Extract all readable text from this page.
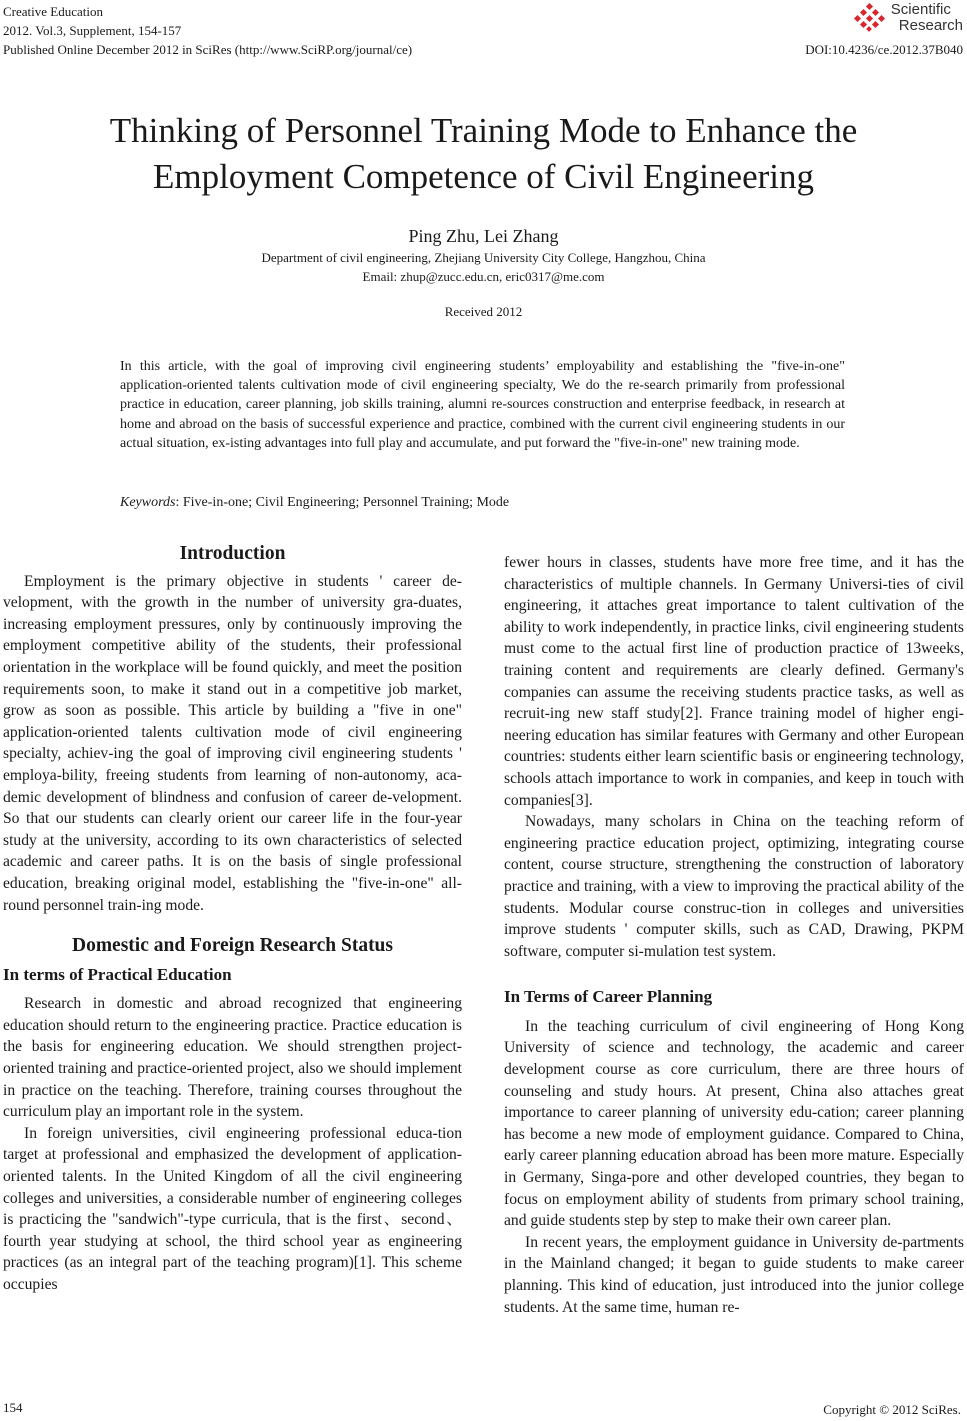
Creative Education
2012. Vol.3, Supplement, 154-157
Published Online December 2012 in SciRes (http://www.SciRP.org/journal/ce)	DOI:10.4236/ce.2012.37B040
Scientific
Research
Thinking of Personnel Training Mode to Enhance the
Employment Competence of Civil Engineering
Ping Zhu, Lei Zhang
Department of civil engineering, Zhejiang University City College, Hangzhou, China
Email: zhup@zucc.edu.cn, eric0317@me.com
Received 2012
In this article, with the goal of improving civil engineering students’ employability and establishing the "five-in-one" application-oriented talents cultivation mode of civil engineering specialty, We do the re-search primarily from professional practice in education, career planning, job skills training, alumni re-sources construction and enterprise feedback, in research at home and abroad on the basis of successful experience and practice, combined with the current civil engineering students in our actual situation, ex-isting advantages into full play and accumulate, and put forward the "five-in-one" new training mode.
Keywords: Five-in-one; Civil Engineering; Personnel Training; Mode
Introduction

Employment is the primary objective in students ' career de-velopment, with the growth in the number of university gra-duates, increasing employment pressures, only by continuously improving the employment competitive ability of the students, their professional orientation in the workplace will be found quickly, and meet the position requirements soon, to make it stand out in a competitive job market, grow as soon as possible. This article by building a "five in one" application-oriented talents cultivation mode of civil engineering specialty, achiev-ing the goal of improving civil engineering students ' employa-bility, freeing students from learning of non-autonomy, aca-demic development of blindness and confusion of career de-velopment. So that our students can clearly orient our career life in the four-year study at the university, according to its own characteristics of selected academic and career paths. It is on the basis of single professional education, breaking original model, establishing the "five-in-one" all-round personnel train-ing mode.

Domestic and Foreign Research Status
In terms of Practical Education

Research in domestic and abroad recognized that engineering education should return to the engineering practice. Practice education is the basis for engineering education. We should strengthen project-oriented training and practice-oriented project, also we should implement in practice on the teaching. Therefore, training courses throughout the curriculum play an important role in the system.

In foreign universities, civil engineering professional educa-tion target at professional and emphasized the development of application-oriented talents. In the United Kingdom of all the civil engineering colleges and universities, a considerable number of engineering colleges is practicing the "sandwich"-type curricula, that is the first、second、fourth year studying at school, the third school year as engineering practices (as an integral part of the teaching program)[1]. This scheme occupies

fewer hours in classes, students have more free time, and it has the characteristics of multiple channels. In Germany Universi-ties of civil engineering, it attaches great importance to talent cultivation of the ability to work independently, in practice links, civil engineering students must come to the actual first line of production practice of 13weeks, training content and requirements are clearly defined. Germany's companies can assume the receiving students practice tasks, as well as recruit-ing new staff study[2]. France training model of higher engi-neering education has similar features with Germany and other European countries: students either learn scientific basis or engineering technology, schools attach importance to work in companies, and keep in touch with companies[3].

Nowadays, many scholars in China on the teaching reform of engineering practice education project, optimizing, integrating course content, course structure, strengthening the construction of laboratory practice and training, with a view to improving the practical ability of the students. Modular course construc-tion in colleges and universities improve students ' computer skills, such as CAD, Drawing, PKPM software, computer si-mulation test system.

In Terms of Career Planning

In the teaching curriculum of civil engineering of Hong Kong University of science and technology, the academic and career development course as core curriculum, there are three hours of counseling and study hours. At present, China also attaches great importance to career planning of university edu-cation; career planning has become a new mode of employment guidance. Compared to China, early career planning education abroad has been more mature. Especially in Germany, Singa-pore and other developed countries, they began to focus on employment ability of students from primary school training, and guide students step by step to make their own career plan.

In recent years, the employment guidance in University de-partments in the Mainland changed; it began to guide students to make career planning. This kind of education, just introduced into the junior college students. At the same time, human re-

154	Copyright © 2012 SciRes.
